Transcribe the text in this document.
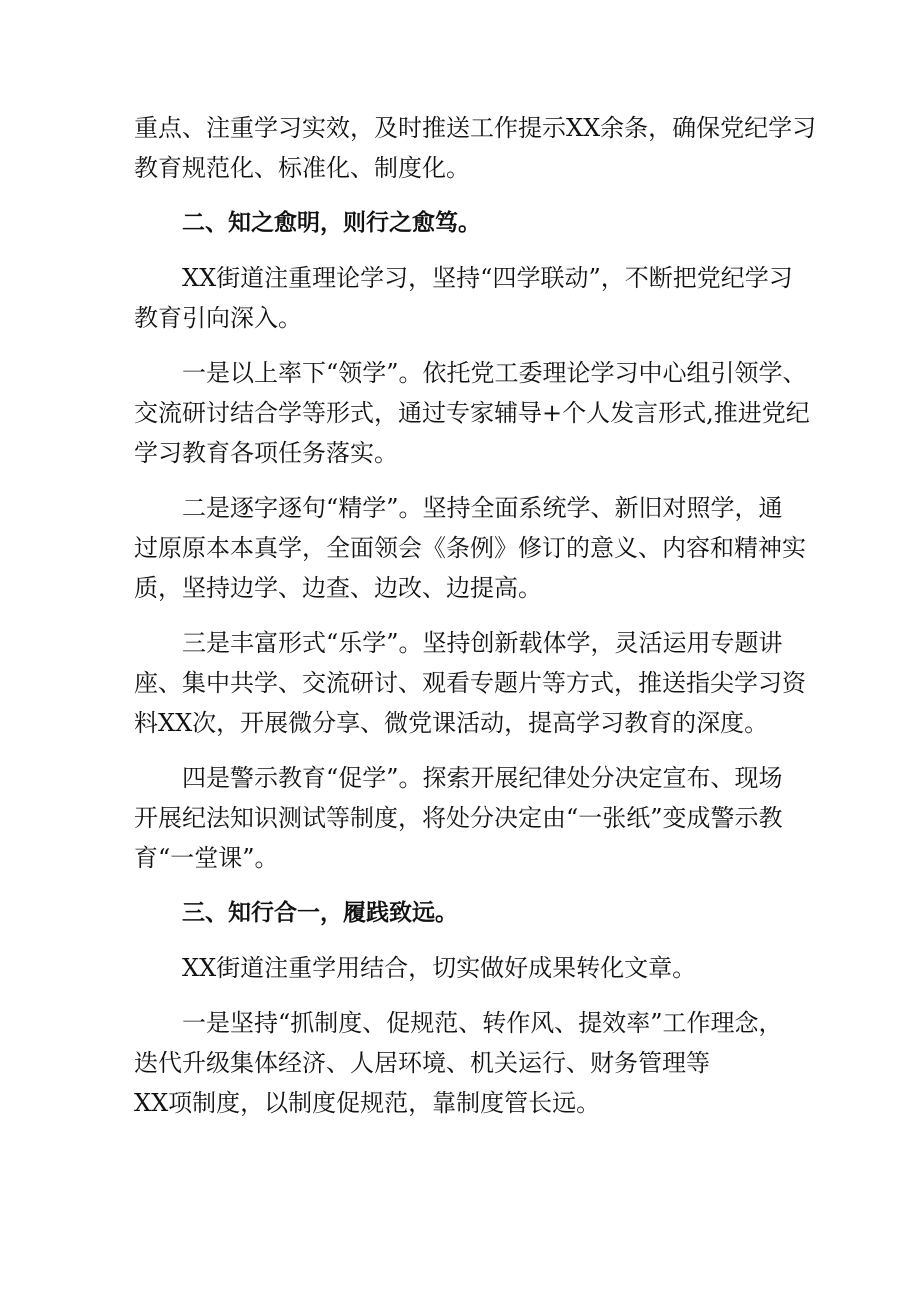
重点、注重学习实效，及时推送工作提示XX余条，确保党纪学习
教育规范化、标准化、制度化。

二、知之愈明，则行之愈笃。

XX街道注重理论学习，坚持“四学联动”，不断把党纪学习
教育引向深入。

一是以上率下“领学”。依托党工委理论学习中心组引领学、
交流研讨结合学等形式，通过专家辅导+个人发言形式,推进党纪
学习教育各项任务落实。

二是逐字逐句“精学”。坚持全面系统学、新旧对照学，通
过原原本本真学，全面领会《条例》修订的意义、内容和精神实
质，坚持边学、边查、边改、边提高。

三是丰富形式“乐学”。坚持创新载体学，灵活运用专题讲
座、集中共学、交流研讨、观看专题片等方式，推送指尖学习资
料XX次，开展微分享、微党课活动，提高学习教育的深度。

四是警示教育“促学”。探索开展纪律处分决定宣布、现场
开展纪法知识测试等制度，将处分决定由“一张纸”变成警示教
育“一堂课”。

三、知行合一，履践致远。

XX街道注重学用结合，切实做好成果转化文章。

一是坚持“抓制度、促规范、转作风、提效率”工作理念，
迭代升级集体经济、人居环境、机关运行、财务管理等
XX项制度，以制度促规范，靠制度管长远。
